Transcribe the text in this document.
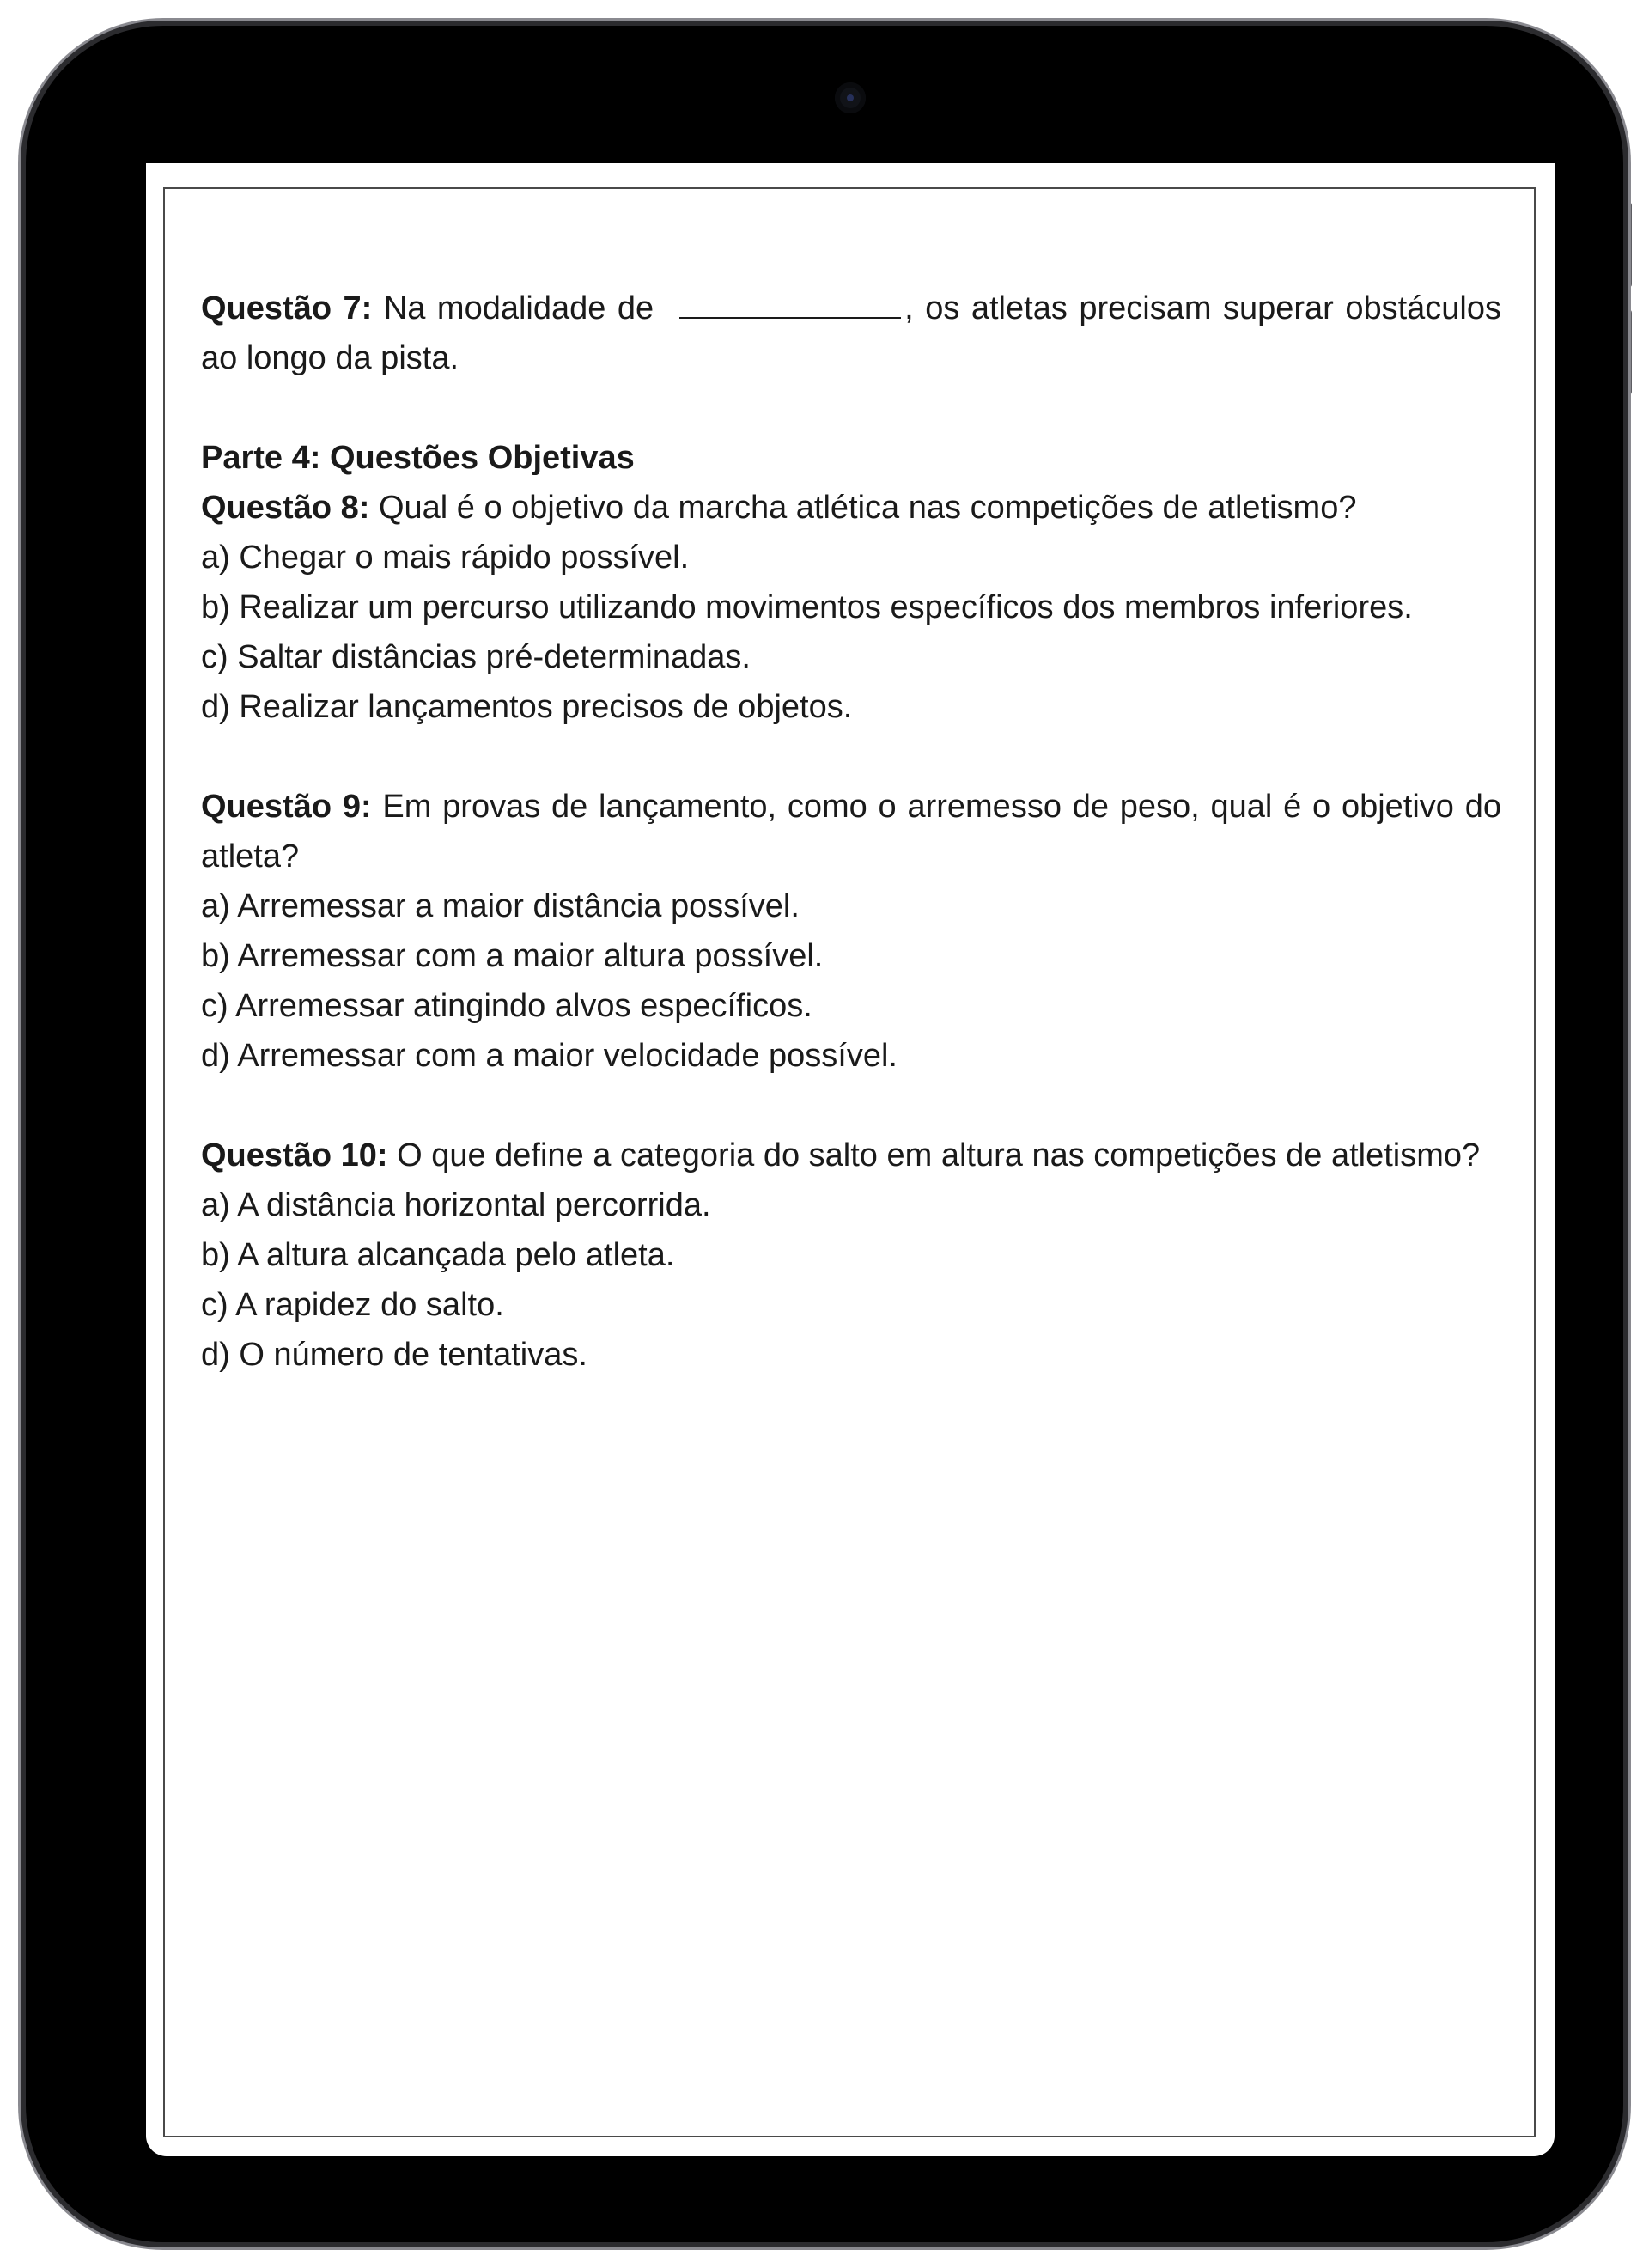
Questão 7: Na modalidade de	, os atletas precisam superar obstáculos ao longo da pista.

Parte 4: Questões Objetivas

Questão 8: Qual é o objetivo da marcha atlética nas competições de atletismo?

a) Chegar o mais rápido possível.

b) Realizar um percurso utilizando movimentos específicos dos membros inferiores.

c) Saltar distâncias pré-determinadas.

d) Realizar lançamentos precisos de objetos.

Questão 9: Em provas de lançamento, como o arremesso de peso, qual é o objetivo do atleta?

a) Arremessar a maior distância possível.

b) Arremessar com a maior altura possível.

c) Arremessar atingindo alvos específicos.

d) Arremessar com a maior velocidade possível.

Questão 10: O que define a categoria do salto em altura nas competições de atletismo?

a) A distância horizontal percorrida.

b) A altura alcançada pelo atleta.

c) A rapidez do salto.

d) O número de tentativas.
